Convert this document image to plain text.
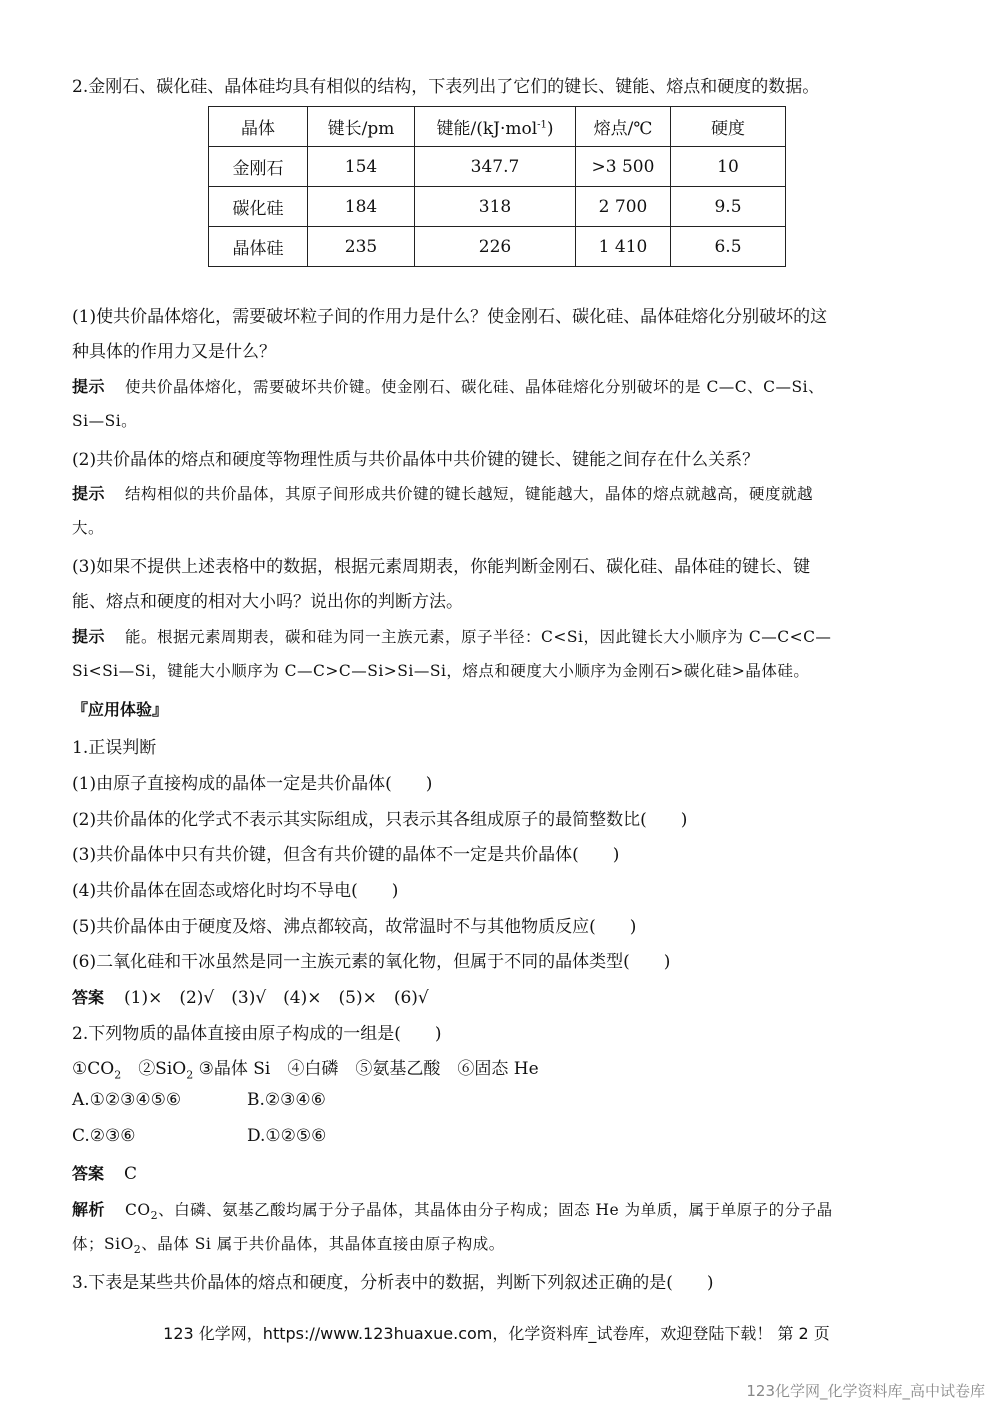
2.金刚石、碳化硅、晶体硅均具有相似的结构，下表列出了它们的键长、键能、熔点和硬度的数据。
晶体	键长/pm	键能/(kJ·mol$^{-1}$)	熔点/℃	硬度
金刚石	154	347.7	>3 500	10
碳化硅	184	318	2 700	9.5
晶体硅	235	226	1 410	6.5
(1)使共价晶体熔化，需要破坏粒子间的作用力是什么？使金刚石、碳化硅、晶体硅熔化分别破坏的这
种具体的作用力又是什么？
提示 使共价晶体熔化，需要破坏共价键。使金刚石、碳化硅、晶体硅熔化分别破坏的是 C—C、C—Si、
Si—Si。
(2)共价晶体的熔点和硬度等物理性质与共价晶体中共价键的键长、键能之间存在什么关系？
提示 结构相似的共价晶体，其原子间形成共价键的键长越短，键能越大，晶体的熔点就越高，硬度就越
大。
(3)如果不提供上述表格中的数据，根据元素周期表，你能判断金刚石、碳化硅、晶体硅的键长、键
能、熔点和硬度的相对大小吗？说出你的判断方法。
提示 能。根据元素周期表，碳和硅为同一主族元素，原子半径：C<Si，因此键长大小顺序为 C—C<C—
Si<Si—Si，键能大小顺序为 C—C>C—Si>Si—Si，熔点和硬度大小顺序为金刚石>碳化硅>晶体硅。
『应用体验』
1.正误判断
(1)由原子直接构成的晶体一定是共价晶体(　　)
(2)共价晶体的化学式不表示其实际组成，只表示其各组成原子的最简整数比(　　)
(3)共价晶体中只有共价键，但含有共价键的晶体不一定是共价晶体(　　)
(4)共价晶体在固态或熔化时均不导电(　　)
(5)共价晶体由于硬度及熔、沸点都较高，故常温时不与其他物质反应(　　)
(6)二氧化硅和干冰虽然是同一主族元素的氧化物，但属于不同的晶体类型(　　)
答案 (1)×　(2)√　(3)√　(4)×　(5)×　(6)√
2.下列物质的晶体直接由原子构成的一组是(　　)
$①CO_2$　 ②SiO$_2$ ③晶体 Si　④白磷　⑤氨基乙酸　⑥固态 He
A.①②③④⑤⑥	B.②③④⑥
C.②③⑥	D.①②⑤⑥
答案 C
解析 $CO_2$、白磷、氨基乙酸均属于分子晶体，其晶体由分子构成；固态 He 为单质，属于单原子的分子晶
体；SiO$_2$、晶体 Si 属于共价晶体，其晶体直接由原子构成。
3.下表是某些共价晶体的熔点和硬度，分析表中的数据，判断下列叙述正确的是(　　)
123 化学网，https://www.123huaxue.com，化学资料库_试卷库，欢迎登陆下载！ 第 2 页
123化学网_化学资料库_高中试卷库
